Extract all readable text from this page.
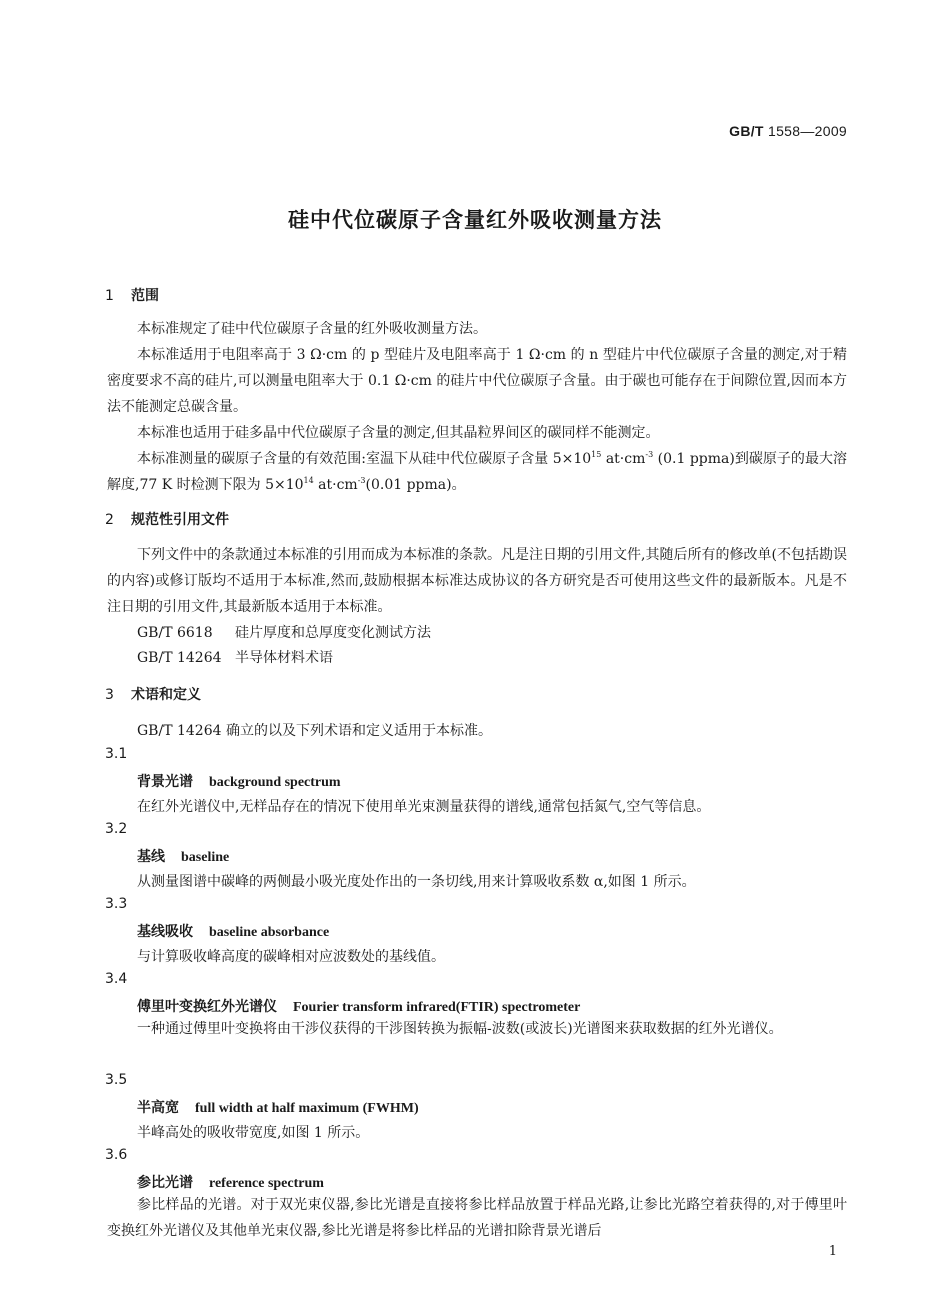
GB/T 1558—2009
硅中代位碳原子含量红外吸收测量方法
1 范围
本标准规定了硅中代位碳原子含量的红外吸收测量方法。
本标准适用于电阻率高于 3 Ω·cm 的 p 型硅片及电阻率高于 1 Ω·cm 的 n 型硅片中代位碳原子含量的测定,对于精密度要求不高的硅片,可以测量电阻率大于 0.1 Ω·cm 的硅片中代位碳原子含量。由于碳也可能存在于间隙位置,因而本方法不能测定总碳含量。
本标准也适用于硅多晶中代位碳原子含量的测定,但其晶粒界间区的碳同样不能测定。
本标准测量的碳原子含量的有效范围:室温下从硅中代位碳原子含量 $5\times 10^{15}$ $at\cdot cm^{-3}$ (0.1 ppma)到碳原子的最大溶解度,77 K 时检测下限为 $5\times 10^{14}$ $at\cdot cm^{-3}(0.01$ ppma)。
2 规范性引用文件
下列文件中的条款通过本标准的引用而成为本标准的条款。凡是注日期的引用文件,其随后所有的修改单(不包括勘误的内容)或修订版均不适用于本标准,然而,鼓励根据本标准达成协议的各方研究是否可使用这些文件的最新版本。凡是不注日期的引用文件,其最新版本适用于本标准。
GB/T 6618 硅片厚度和总厚度变化测试方法
GB/T 14264 半导体材料术语
3 术语和定义
GB/T 14264 确立的以及下列术语和定义适用于本标准。
3.1
背景光谱 background spectrum
在红外光谱仪中,无样品存在的情况下使用单光束测量获得的谱线,通常包括氮气,空气等信息。
3.2
基线 baseline
从测量图谱中碳峰的两侧最小吸光度处作出的一条切线,用来计算吸收系数 α,如图 1 所示。
3.3
基线吸收 baseline absorbance
与计算吸收峰高度的碳峰相对应波数处的基线值。
3.4
傅里叶变换红外光谱仪 Fourier transform infrared(FTIR) spectrometer
一种通过傅里叶变换将由干涉仪获得的干涉图转换为振幅-波数(或波长)光谱图来获取数据的红外光谱仪。
3.5
半高宽 full width at half maximum (FWHM)
半峰高处的吸收带宽度,如图 1 所示。
3.6
参比光谱 reference spectrum
参比样品的光谱。对于双光束仪器,参比光谱是直接将参比样品放置于样品光路,让参比光路空着获得的,对于傅里叶变换红外光谱仪及其他单光束仪器,参比光谱是将参比样品的光谱扣除背景光谱后
1
